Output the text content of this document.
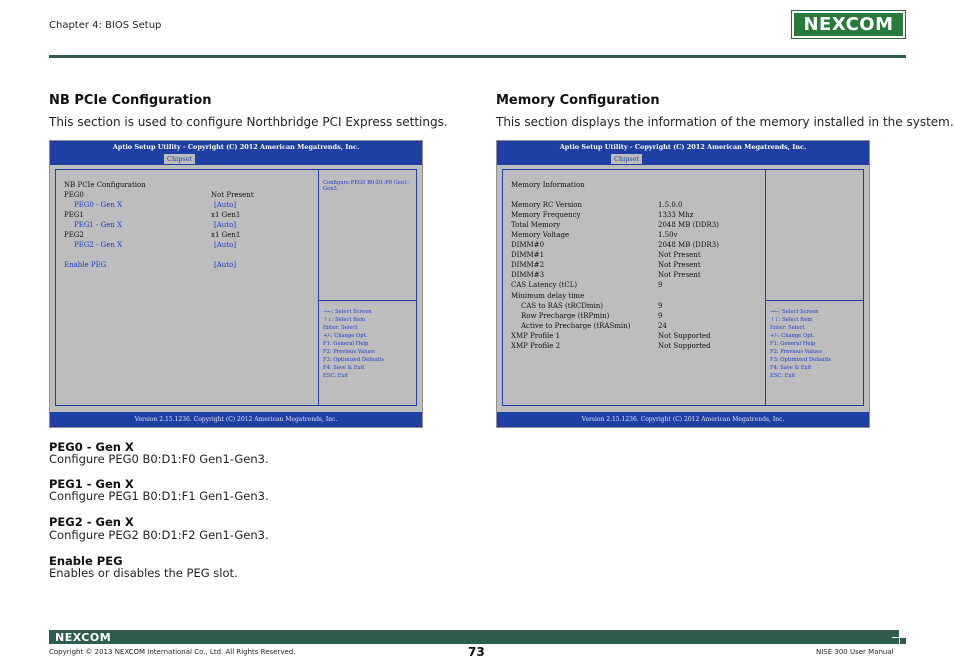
Chapter 4: BIOS Setup	NEXCOM
NB PCIe Configuration
This section is used to configure Northbridge PCI Express settings.
Aptio Setup Utility - Copyright (C) 2012 American Megatrends, Inc.
Chipset
NB PCIe Configuration
PEG0	Not Present
PEG0 - Gen X	[Auto]
PEG1	x1 Gen1
PEG1 - Gen X	[Auto]
PEG2	x1 Gen1
PEG2 - Gen X	[Auto]
Enable PEG	[Auto]
Configure PEG0 B0:D1:F0 Gen1-Gen3.
→←: Select Screen
↑↓: Select Item
Enter: Select
+/-: Change Opt.
F1: General Help
F2: Previous Values
F3: Optimized Defaults
F4: Save & Exit
ESC: Exit
Version 2.15.1236. Copyright (C) 2012 American Megatrends, Inc.
PEG0 - Gen X
Configure PEG0 B0:D1:F0 Gen1-Gen3.
PEG1 - Gen X
Configure PEG1 B0:D1:F1 Gen1-Gen3.
PEG2 - Gen X
Configure PEG2 B0:D1:F2 Gen1-Gen3.
Enable PEG
Enables or disables the PEG slot.
Memory Configuration
This section displays the information of the memory installed in the system.
Aptio Setup Utility - Copyright (C) 2012 American Megatrends, Inc.
Chipset
Memory Information
Memory RC Version	1.5.0.0
Memory Frequency	1333 Mhz
Total Memory	2048 MB (DDR3)
Memory Voltage	1.50v
DIMM#0	2048 MB (DDR3)
DIMM#1	Not Present
DIMM#2	Not Present
DIMM#3	Not Present
CAS Latency (tCL)	9
Minimum delay time
CAS to RAS (tRCDmin)	9
Row Precharge (tRPmin)	9
Active to Precharge (tRASmin)	24
XMP Profile 1	Not Supported
XMP Profile 2	Not Supported
→←: Select Screen
↑↓: Select Item
Enter: Select
+/-: Change Opt.
F1: General Help
F2: Previous Values
F3: Optimized Defaults
F4: Save & Exit
ESC: Exit
Version 2.15.1236. Copyright (C) 2012 American Megatrends, Inc.
NEXCOM
Copyright © 2013 NEXCOM International Co., Ltd. All Rights Reserved.	73	NISE 300 User Manual
